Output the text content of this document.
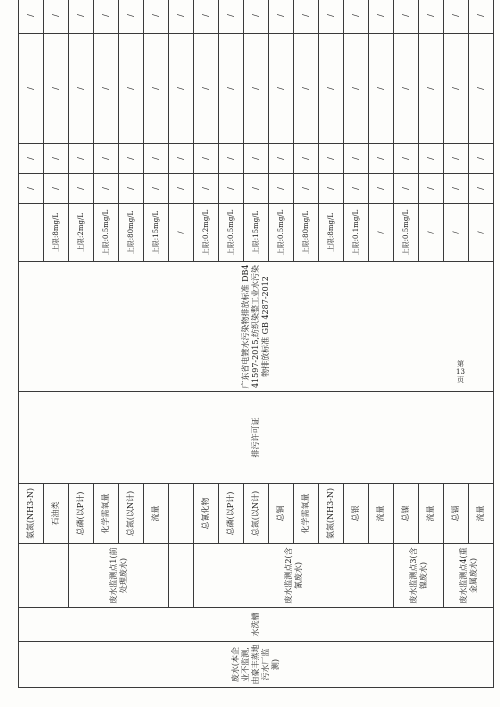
废水(本企业不监测,由豪丰蒸地污水厂监测)	水洗槽		氨氮(NH3-N)	排污许可证	广东省电镀水污染物排放标准 DB441597-2015,纺织染整工业水污染物排放标准 GB 4287-2012		/	/	/	/		
			石油类			上限:8mg/L	/	/	/	/		
		废水监测点1(前处理废水)	总磷(以P计)			上限:2mg/L	/	/	/	/		
			化学需氧量			上限:0.5mg/L	/	/	/	/		
			总氮(以N计)			上限:80mg/L	/	/	/	/		
			流量			上限:15mg/L	/	/	/	/		
						/	/	/	/	/		
		废水监测点2(含氰废水)	总氰化物			上限:0.2mg/L	/	/	/	/		
			总磷(以P计)			上限:0.5mg/L	/	/	/	/		
			总氮(以N计)			上限:15mg/L	/	/	/	/		
			总铜			上限:0.5mg/L	/	/	/	/		
			化学需氧量			上限:80mg/L	/	/	/	/		
			氨氮(NH3-N)			上限:8mg/L	/	/	/	/		
			总银			上限:0.1mg/L	/	/	/	/		
			流量			/	/	/	/	/		
		废水监测点3(含镍废水)	总镍			上限:0.5mg/L	/	/	/	/		
			流量			/	/	/	/	/		
		废水监测点4(重金属废水)	总镉			/	/	/	/	/		
			流量			/	/	/	/	/		
第 13 页
